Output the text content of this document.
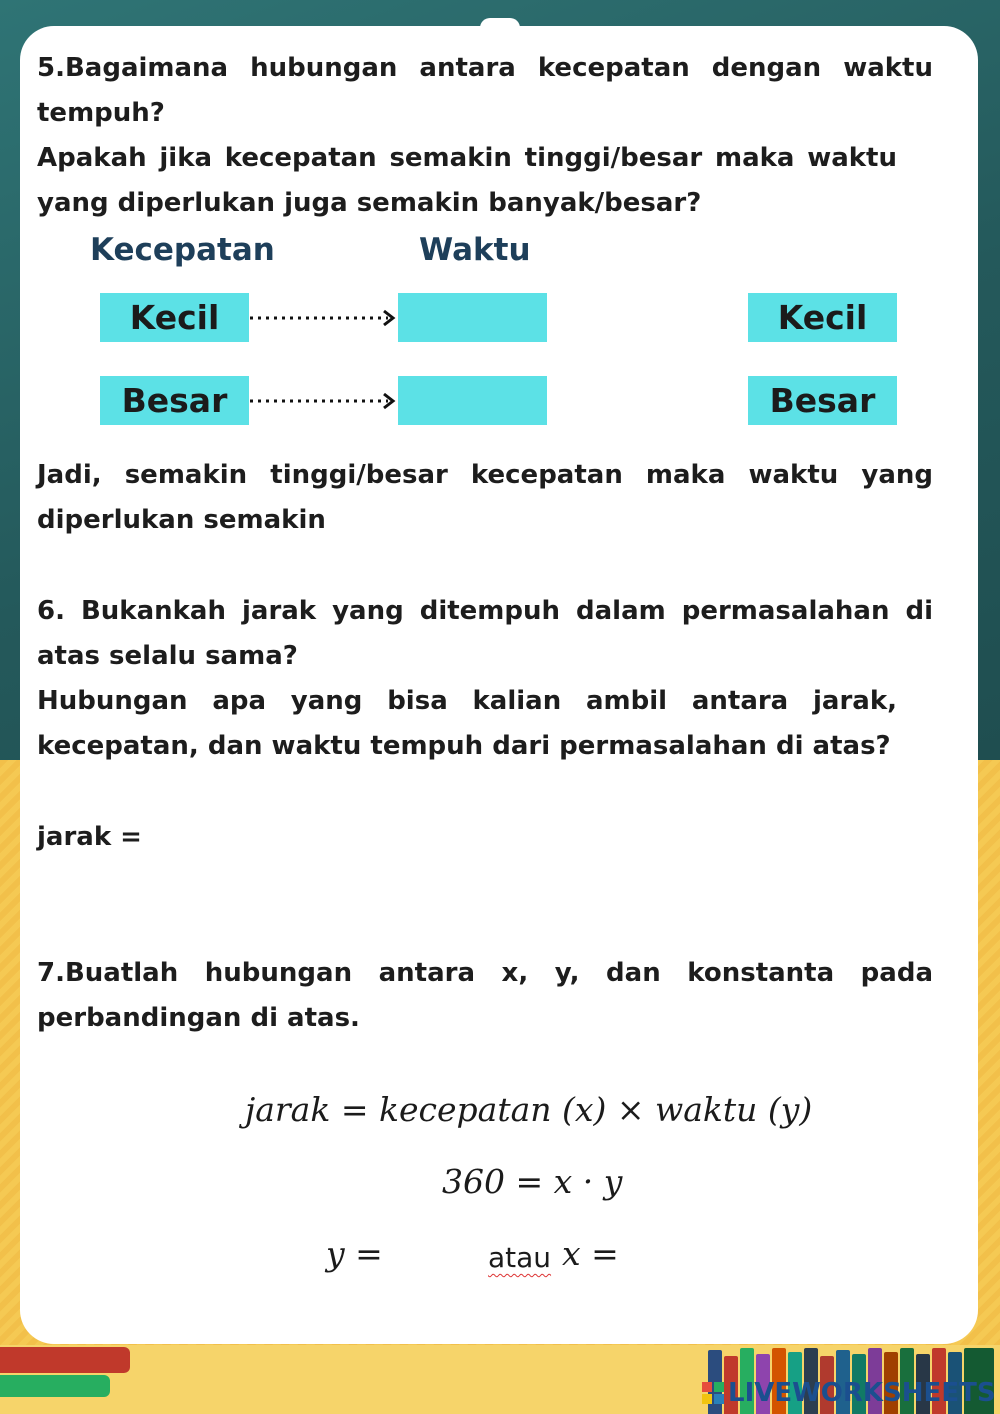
5.Bagaimana hubungan antara kecepatan dengan waktu tempuh?

Apakah jika kecepatan semakin tinggi/besar maka waktu yang diperlukan juga semakin banyak/besar?

Kecepatan	Waktu

Kecil	Kecil
Besar	Besar

Jadi, semakin tinggi/besar kecepatan maka waktu yang diperlukan semakin

6. Bukankah jarak yang ditempuh dalam permasalahan di atas selalu sama?

Hubungan apa yang bisa kalian ambil antara jarak, kecepatan, dan waktu tempuh dari permasalahan di atas?

jarak =

7.Buatlah hubungan antara x, y, dan konstanta pada perbandingan di atas.

jarak = kecepatan (x) × waktu (y)

360 = x · y

y =	atau x =

LIVEWORKSHEETS
